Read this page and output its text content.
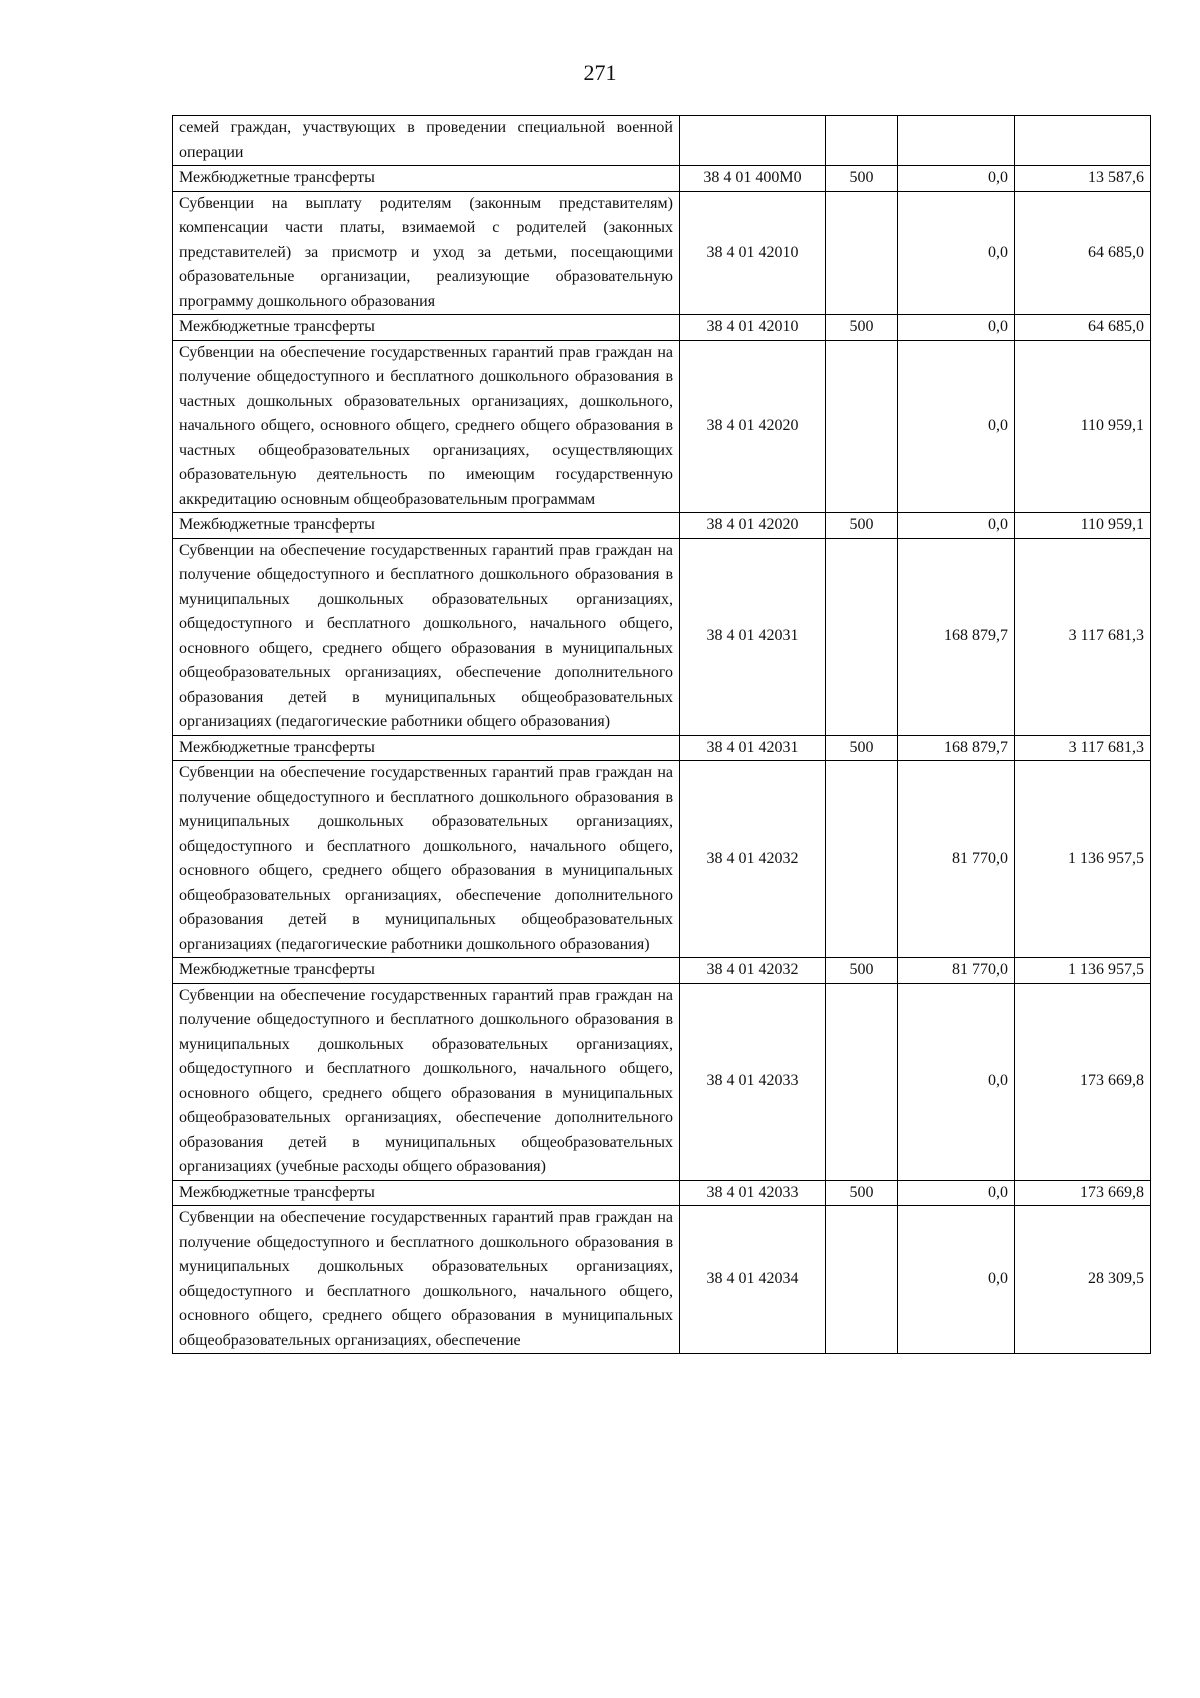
271
семей граждан, участвующих в проведении специальной военной операции				
Межбюджетные трансферты	38 4 01 400М0	500	0,0	13 587,6
Субвенции на выплату родителям (законным представителям) компенсации части платы, взимаемой с родителей (законных представителей) за присмотр и уход за детьми, посещающими образовательные организации, реализующие образовательную программу дошкольного образования	38 4 01 42010		0,0	64 685,0
Межбюджетные трансферты	38 4 01 42010	500	0,0	64 685,0
Субвенции на обеспечение государственных гарантий прав граждан на получение общедоступного и бесплатного дошкольного образования в частных дошкольных образовательных организациях, дошкольного, начального общего, основного общего, среднего общего образования в частных общеобразовательных организациях, осуществляющих образовательную деятельность по имеющим государственную аккредитацию основным общеобразовательным программам	38 4 01 42020		0,0	110 959,1
Межбюджетные трансферты	38 4 01 42020	500	0,0	110 959,1
Субвенции на обеспечение государственных гарантий прав граждан на получение общедоступного и бесплатного дошкольного образования в муниципальных дошкольных образовательных организациях, общедоступного и бесплатного дошкольного, начального общего, основного общего, среднего общего образования в муниципальных общеобразовательных организациях, обеспечение дополнительного образования детей в муниципальных общеобразовательных организациях (педагогические работники общего образования)	38 4 01 42031		168 879,7	3 117 681,3
Межбюджетные трансферты	38 4 01 42031	500	168 879,7	3 117 681,3
Субвенции на обеспечение государственных гарантий прав граждан на получение общедоступного и бесплатного дошкольного образования в муниципальных дошкольных образовательных организациях, общедоступного и бесплатного дошкольного, начального общего, основного общего, среднего общего образования в муниципальных общеобразовательных организациях, обеспечение дополнительного образования детей в муниципальных общеобразовательных организациях (педагогические работники дошкольного образования)	38 4 01 42032		81 770,0	1 136 957,5
Межбюджетные трансферты	38 4 01 42032	500	81 770,0	1 136 957,5
Субвенции на обеспечение государственных гарантий прав граждан на получение общедоступного и бесплатного дошкольного образования в муниципальных дошкольных образовательных организациях, общедоступного и бесплатного дошкольного, начального общего, основного общего, среднего общего образования в муниципальных общеобразовательных организациях, обеспечение дополнительного образования детей в муниципальных общеобразовательных организациях (учебные расходы общего образования)	38 4 01 42033		0,0	173 669,8
Межбюджетные трансферты	38 4 01 42033	500	0,0	173 669,8
Субвенции на обеспечение государственных гарантий прав граждан на получение общедоступного и бесплатного дошкольного образования в муниципальных дошкольных образовательных организациях, общедоступного и бесплатного дошкольного, начального общего, основного общего, среднего общего образования в муниципальных общеобразовательных организациях, обеспечение	38 4 01 42034		0,0	28 309,5
